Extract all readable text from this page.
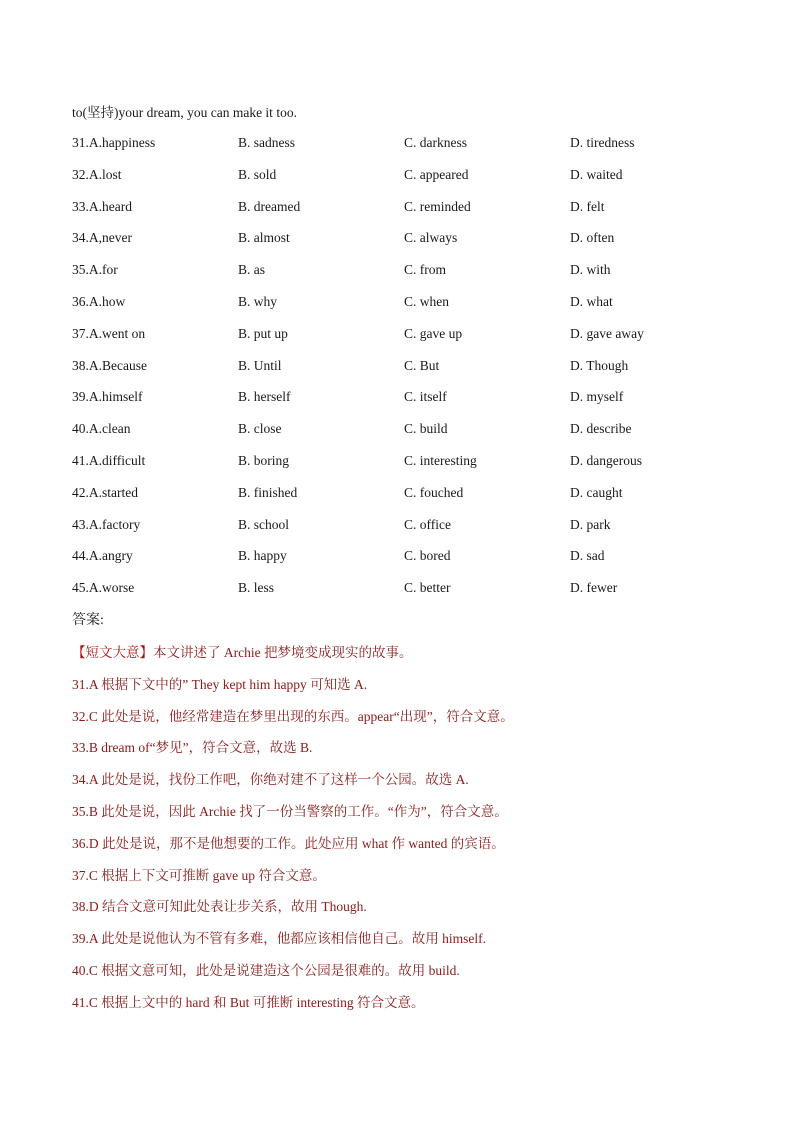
to(坚持)your dream, you can make it too.
31.A.happiness	B. sadness	C. darkness	D. tiredness
32.A.lost	B. sold	C. appeared	D. waited
33.A.heard	B. dreamed	C. reminded	D. felt
34.A,never	B. almost	C. always	D. often
35.A.for	B. as	C. from	D. with
36.A.how	B. why	C. when	D. what
37.A.went on	B. put up	C. gave up	D. gave away
38.A.Because	B. Until	C. But	D. Though
39.A.himself	B. herself	C. itself	D. myself
40.A.clean	B. close	C. build	D. describe
41.A.difficult	B. boring	C. interesting	D. dangerous
42.A.started	B. finished	C. fouched	D. caught
43.A.factory	B. school	C. office	D. park
44.A.angry	B. happy	C. bored	D. sad
45.A.worse	B. less	C. better	D. fewer
答案:
【短文大意】本文讲述了 Archie 把梦境变成现实的故事。
31.A 根据下文中的” They kept him happy 可知选 A.
32.C 此处是说，他经常建造在梦里出现的东西。appear“出现”，符合文意。
33.B dream of“梦见”，符合文意，故选 B.
34.A 此处是说，找份工作吧，你绝对建不了这样一个公园。故选 A.
35.B 此处是说，因此 Archie 找了一份当警察的工作。“作为”，符合文意。
36.D 此处是说，那不是他想要的工作。此处应用 what 作 wanted 的宾语。
37.C 根据上下文可推断 gave up 符合文意。
38.D 结合文意可知此处表让步关系，故用 Though.
39.A 此处是说他认为不管有多难，他都应该相信他自己。故用 himself.
40.C 根据文意可知，此处是说建造这个公园是很难的。故用 build.
41.C 根据上文中的 hard 和 But 可推断 interesting 符合文意。
